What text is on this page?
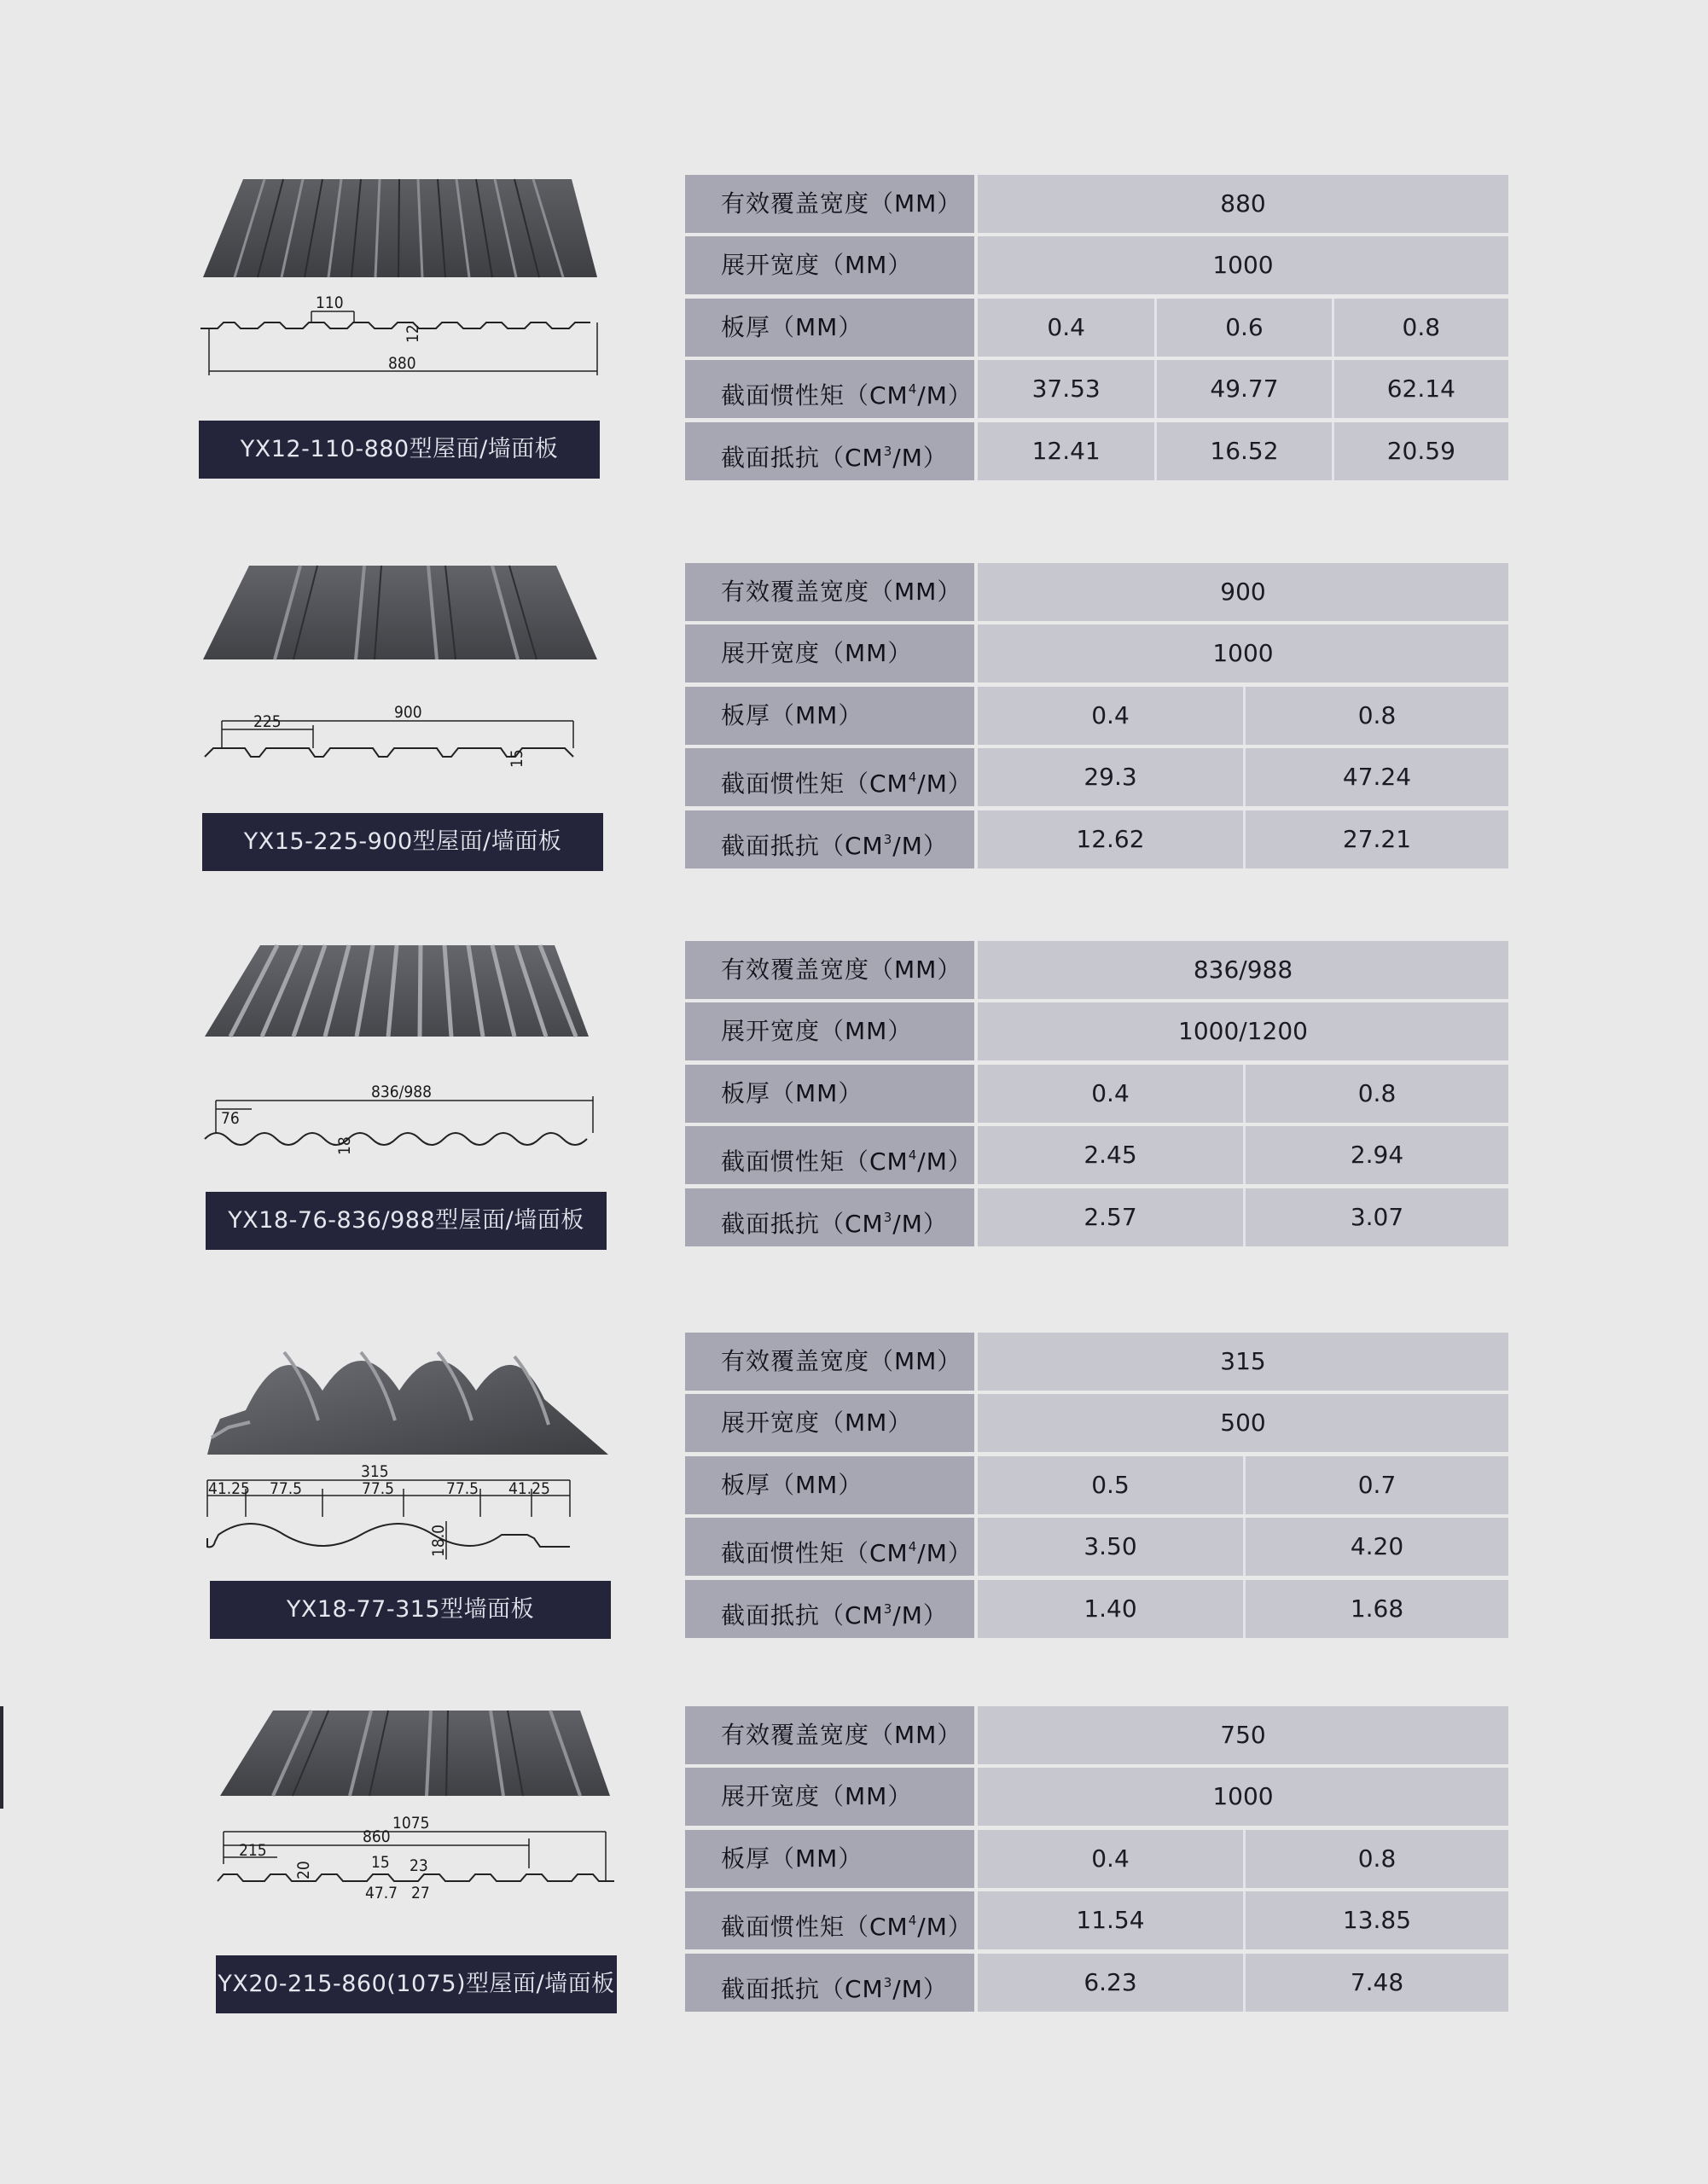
110
12
880
YX12-110-880型屋面/墙面板
有效覆盖宽度（MM）	880
展开宽度（MM）	1000
板厚（MM）	0.4	0.6	0.8
截面惯性矩$(CM^4/M)$	37.53	49.77	62.14
截面抵抗$(CM^3/M)$	12.41	16.52	20.59
225	900
15
YX15-225-900型屋面/墙面板
有效覆盖宽度（MM）	900
展开宽度（MM）	1000
板厚（MM）	0.4	0.8
截面惯性矩$(CM^4/M)$	29.3	47.24
截面抵抗$(CM^3/M)$	12.62	27.21
76
836/988
18
YX18-76-836/988型屋面/墙面板
有效覆盖宽度（MM）	836/988
展开宽度（MM）	1000/1200
板厚（MM）	0.4	0.8
截面惯性矩$(CM^4/M)$	2.45	2.94
截面抵抗$(CM^3/M)$	2.57	3.07
315
41.25 77.5	77.5	77.5 41.25
18.0
YX18-77-315型墙面板
有效覆盖宽度（MM）	315
展开宽度（MM）	500
板厚（MM）	0.5	0.7
截面惯性矩$(CM^4/M)$	3.50	4.20
截面抵抗$(CM^3/M)$	1.40	1.68
1075
860
215
15 23
47.7 27
20
YX20-215-860(1075)型屋面/墙面板
有效覆盖宽度（MM）	750
展开宽度（MM）	1000
板厚（MM）	0.4	0.8
截面惯性矩$(CM^4/M)$	11.54	13.85
截面抵抗$(CM^3/M)$	6.23	7.48
